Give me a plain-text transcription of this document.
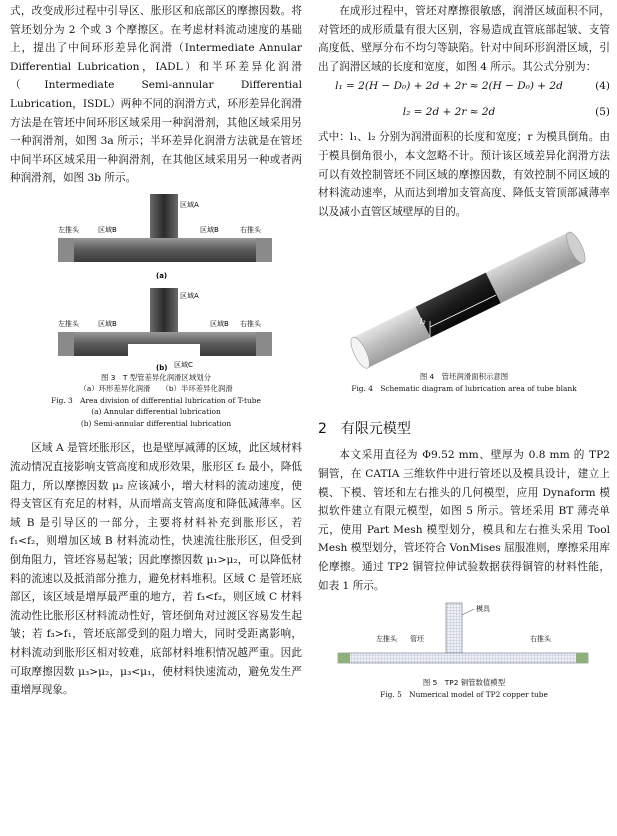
式，改变成形过程中引导区、胀形区和底部区的摩擦因数。将管坯划分为 2 个或 3 个摩擦区。在考虑材料流动速度的基础上，提出了中间环形差异化润滑（Intermediate Annular Differential Lubrication，IADL）和半环差异化润滑（Intermediate Semi-annular Differential Lubrication，ISDL）两种不同的润滑方式，环形差异化润滑方法是在管坯中间环形区域采用一种润滑剂，其他区域采用另一种润滑剂，如图 3a 所示；半环差异化润滑方法就是在管坯中间半环区域采用一种润滑剂，在其他区域采用另一种或者两种润滑剂，如图 3b 所示。

区域A
左推头	区域B	区域B	右推头
(a)
区域A
左推头	区域B	区域B 右推头
区域C
(b)

图 3　T 型管差异化润滑区域划分

（a）环形差异化润滑　　（b）半环差异化润滑

Fig. 3　Area division of differential lubrication of T-tube

(a) Annular differential lubrication

(b) Semi-annular differential lubrication

区域 A 是管坯胀形区，也是壁厚减薄的区域，此区域材料流动情况直接影响支管高度和成形效果，胀形区 f₂ 最小，降低阻力，所以摩擦因数 μ₂ 应该减小，增大材料的流动速度，使得支管区有充足的材料，从而增高支管高度和降低减薄率。区域 B 是引导区的一部分，主要将材料补充到胀形区，若 f₁<f₂，则增加区域 B 材料流动性，快速流往胀形区，但受到倒角阻力，管坯容易起皱；因此摩擦因数 μ₁>μ₂，可以降低材料的流速以及抵消部分推力，避免材料堆积。区域 C 是管坯底部区，该区域是增厚最严重的地方，若 f₃<f₂，则区域 C 材料流动性比胀形区材料流动性好，管坯倒角对过渡区容易发生起皱；若 f₃>f₁，管坯底部受到的阻力增大，同时受距离影响，材料流动到胀形区相对较难，底部材料堆积情况越严重。因此可取摩擦因数 μ₃>μ₂，μ₃<μ₁，使材料快速流动，避免发生严重增厚现象。

在成形过程中，管坯对摩擦很敏感，润滑区域面积不同，对管坯的成形质量有很大区别，容易造成直管底部起皱、支管高度低、壁厚分布不均匀等缺陷。针对中间环形润滑区域，引出了润滑区域的长度和宽度，如图 4 所示。其公式分别为：

l₁ = 2(H − D₀) + 2d + 2r ≈ 2(H − D₀) + 2d	(4)
l₂ = 2d + 2r ≈ 2d	(5)

式中：l₁、l₂ 分别为润滑面积的长度和宽度；r 为模具倒角。由于模具倒角很小，本文忽略不计。预计该区域差异化润滑方法可以有效控制管坯不同区域的摩擦因数，有效控制不同区域的材料流动速率，从而达到增加支管高度、降低支管顶部减薄率以及减小直管区域壁厚的目的。

l₂	l₁

图 4　管坯润滑面积示意图

Fig. 4　Schematic diagram of lubrication area of tube blank

2　有限元模型

本文采用直径为 Φ9.52 mm、壁厚为 0.8 mm 的 TP2 铜管，在 CATIA 三维软件中进行管坯以及模具设计，建立上模、下模、管坯和左右推头的几何模型，应用 Dynaform 模拟软件建立有限元模型，如图 5 所示。管坯采用 BT 薄壳单元，使用 Part Mesh 模型划分，模具和左右推头采用 Tool Mesh 模型划分，管坯符合 VonMises 屈服准则，摩擦采用库伦摩擦。通过 TP2 铜管拉伸试验数据获得铜管的材料性能，如表 1 所示。

模具
左推头 管坯	右推头

图 5　TP2 铜管数值模型

Fig. 5　Numerical model of TP2 copper tube
